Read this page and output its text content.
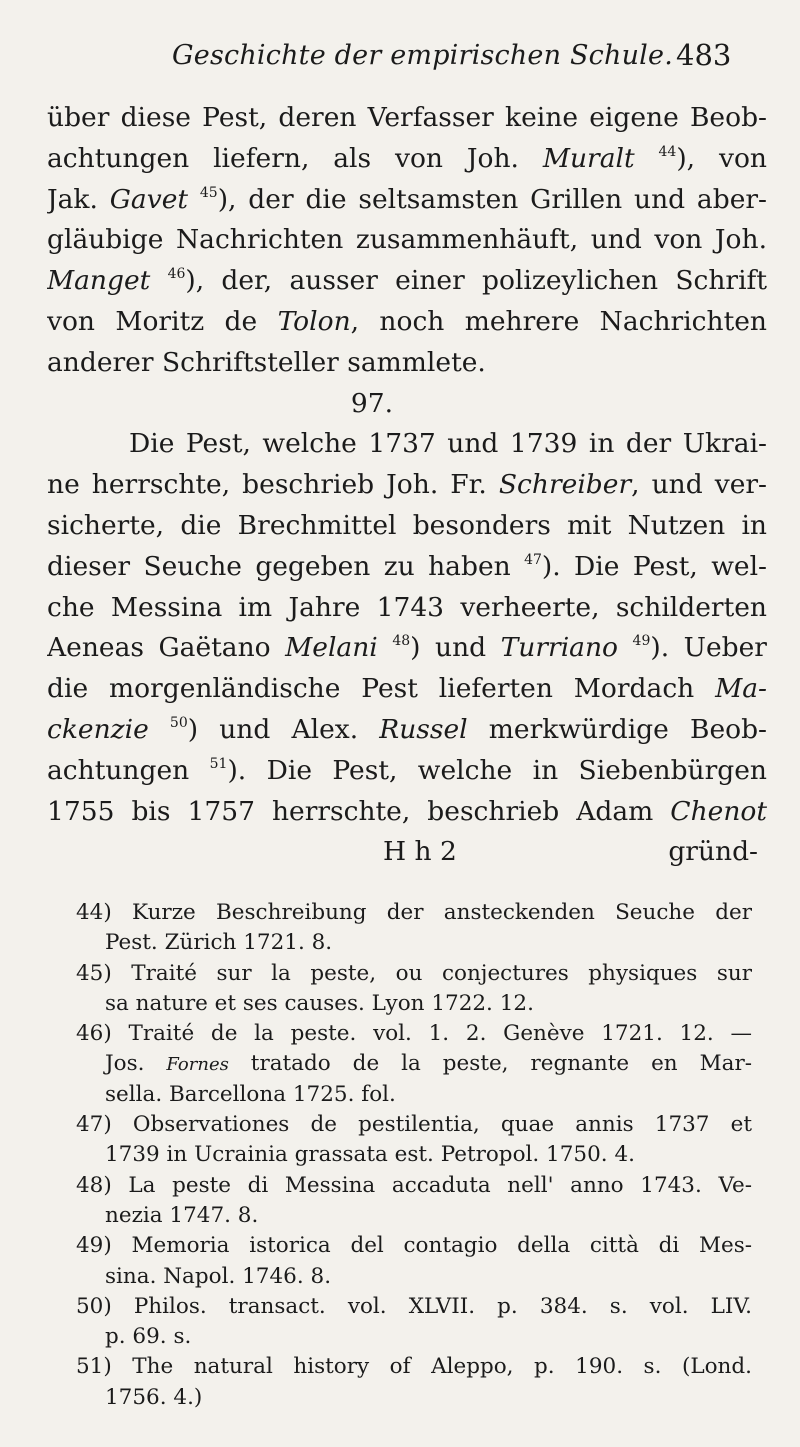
Geschichte der empirischen Schule. 483
über diese Pest, deren Verfasser keine eigene Beob-
achtungen liefern, als von Joh. Muralt $^{44}$), von
Jak. Gavet $^{45}$), der die seltsamsten Grillen und aber-
gläubige Nachrichten zusammenhäuft, und von Joh.
Manget $^{46}$), der, ausser einer polizeylichen Schrift
von Moritz de Tolon, noch mehrere Nachrichten
anderer Schriftsteller sammlete.
97.
Die Pest, welche 1737 und 1739 in der Ukrai-
ne herrschte, beschrieb Joh. Fr. Schreiber, und ver-
sicherte, die Brechmittel besonders mit Nutzen in
dieser Seuche gegeben zu haben $^{47}$). Die Pest, wel-
che Messina im Jahre 1743 verheerte, schilderten
Aeneas Gaëtano Melani $^{48}$) und Turriano $^{49}$). Ueber
die morgenländische Pest lieferten Mordach Ma-
ckenzie $^{50}$) und Alex. Russel merkwürdige Beob-
achtungen $^{51}$). Die Pest, welche in Siebenbürgen
1755 bis 1757 herrschte, beschrieb Adam Chenot
H h 2	gründ-
44) Kurze Beschreibung der ansteckenden Seuche der
Pest. Zürich 1721. 8.
45) Traité sur la peste, ou conjectures physiques sur
sa nature et ses causes. Lyon 1722. 12.
46) Traité de la peste. vol. 1. 2. Genève 1721. 12. —
Jos. Fornes tratado de la peste, regnante en Mar-
sella. Barcellona 1725. fol.
47) Observationes de pestilentia, quae annis 1737 et
1739 in Ucrainia grassata est. Petropol. 1750. 4.
48) La peste di Messina accaduta nell' anno 1743. Ve-
nezia 1747. 8.
49) Memoria istorica del contagio della città di Mes-
sina. Napol. 1746. 8.
50) Philos. transact. vol. XLVII. p. 384. s. vol. LIV.
p. 69. s.
51) The natural history of Aleppo, p. 190. s. (Lond.
1756. 4.)
